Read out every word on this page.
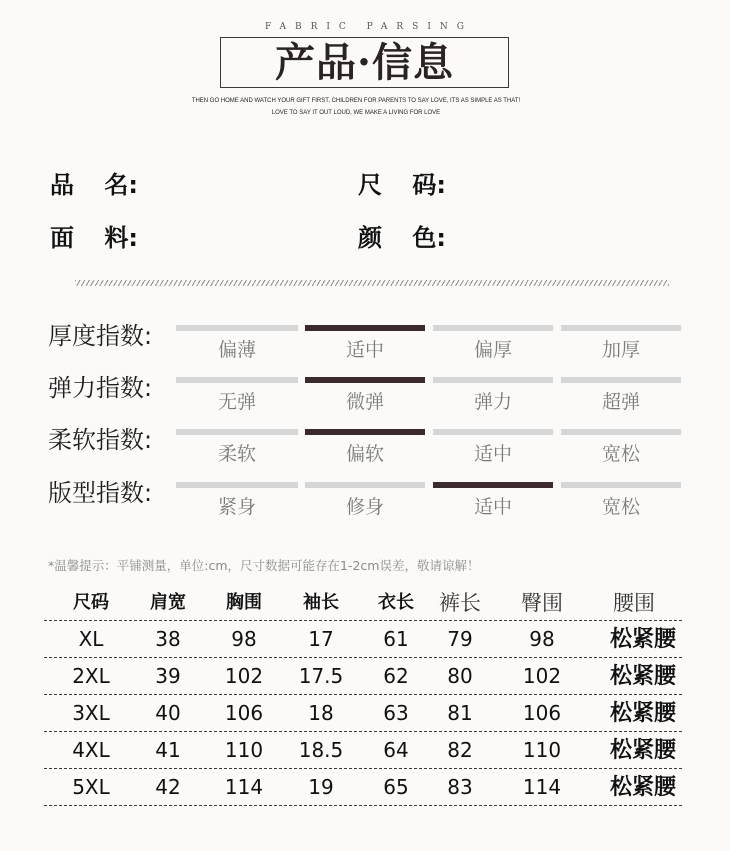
FABRIC PARSING
产品·信息
THEN GO HOME AND WATCH YOUR GIFT FIRST, CHILDREN FOR PARENTS TO SAY LOVE, ITS AS SIMPLE AS THAT!
LOVE TO SAY IT OUT LOUD, WE MAKE A LIVING FOR LOVE
品 名:	尺 码:
面 料:	颜 色:
厚度指数:	偏薄	适中	偏厚	加厚
弹力指数:	无弹	微弹	弹力	超弹
柔软指数:	柔软	偏软	适中	宽松
版型指数:	紧身	修身	适中	宽松
*温馨提示：平铺测量，单位:cm，尺寸数据可能存在1-2cm误差，敬请谅解！
尺码	肩宽	胸围	袖长	衣长	裤长	臀围	腰围
XL	38	98	17	61	79	98	松紧腰
2XL	39	102	17.5	62	80	102	松紧腰
3XL	40	106	18	63	81	106	松紧腰
4XL	41	110	18.5	64	82	110	松紧腰
5XL	42	114	19	65	83	114	松紧腰
